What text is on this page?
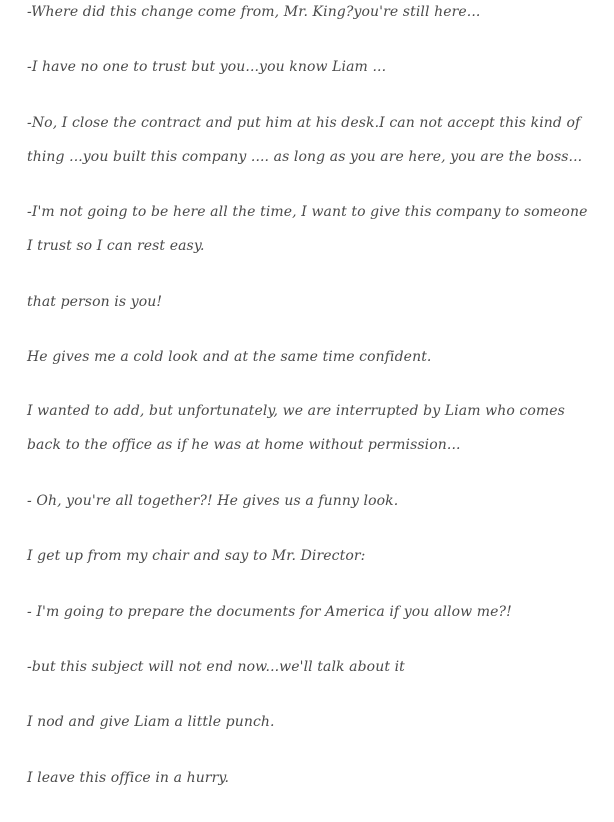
-Where did this change come from, Mr. King?you're still here...

-I have no one to trust but you...you know Liam ...

-No, I close the contract and put him at his desk.I can not accept this kind of thing ...you built this company .... as long as you are here, you are the boss...

-I'm not going to be here all the time, I want to give this company to someone I trust so I can rest easy.

that person is you!

He gives me a cold look and at the same time confident.

I wanted to add, but unfortunately, we are interrupted by Liam who comes back to the office as if he was at home without permission...

- Oh, you're all together?! He gives us a funny look.

I get up from my chair and say to Mr. Director:

- I'm going to prepare the documents for America if you allow me?!

-but this subject will not end now...we'll talk about it

I nod and give Liam a little punch.

I leave this office in a hurry.
